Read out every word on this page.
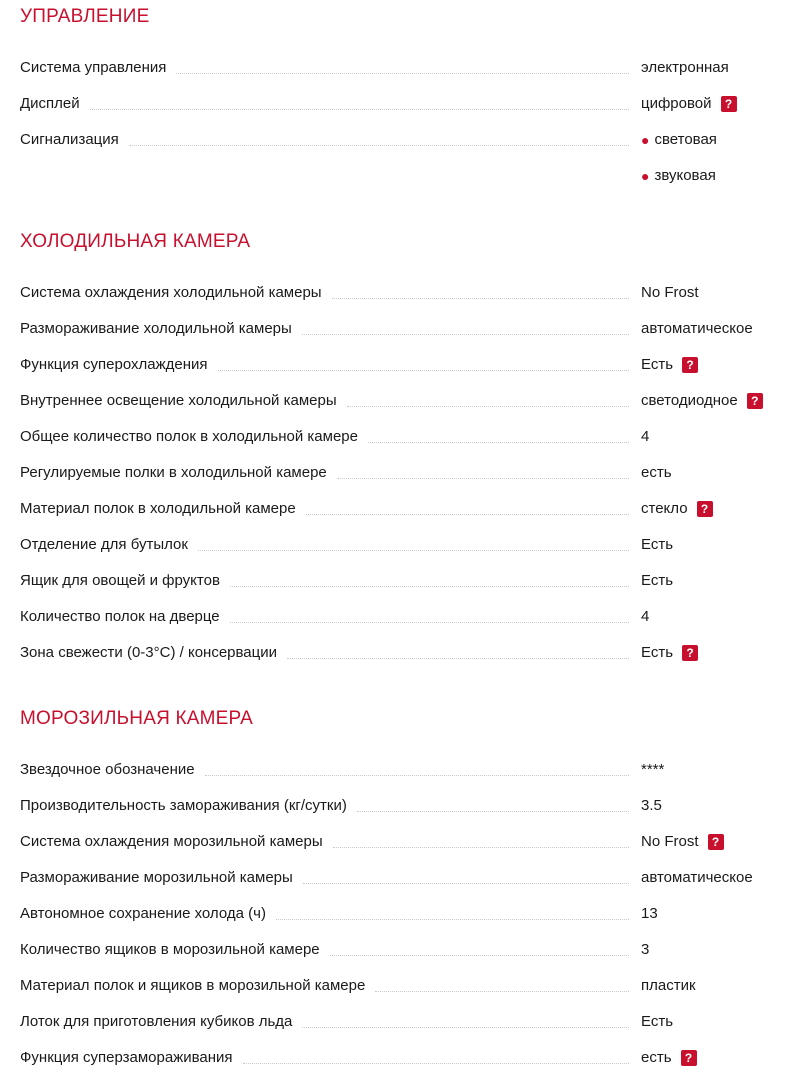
УПРАВЛЕНИЕ
Система управления	электронная
Дисплей	цифровой	?
Сигнализация	● световая
● звуковая
ХОЛОДИЛЬНАЯ КАМЕРА
Система охлаждения холодильной камеры	No Frost
Размораживание холодильной камеры	автоматическое
Функция суперохлаждения	Есть	?
Внутреннее освещение холодильной камеры	светодиодное	?
Общее количество полок в холодильной камере	4
Регулируемые полки в холодильной камере	есть
Материал полок в холодильной камере	стекло	?
Отделение для бутылок	Есть
Ящик для овощей и фруктов	Есть
Количество полок на дверце	4
Зона свежести (0-3°C) / консервации	Есть	?
МОРОЗИЛЬНАЯ КАМЕРА
Звездочное обозначение	****
Производительность замораживания (кг/сутки)	3.5
Система охлаждения морозильной камеры	No Frost	?
Размораживание морозильной камеры	автоматическое
Автономное сохранение холода (ч)	13
Количество ящиков в морозильной камере	3
Материал полок и ящиков в морозильной камере	пластик
Лоток для приготовления кубиков льда	Есть
Функция суперзамораживания	есть	?
